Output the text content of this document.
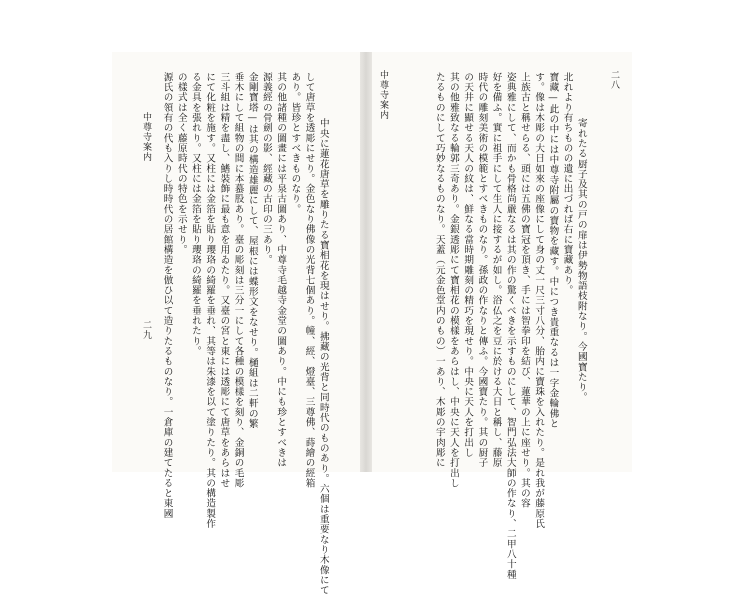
中尊寺案内	二八

寄れたる厨子及其の戸の扉は伊勢物語枝附なり。今國寶たり。
北れより有ちものの遺に出づれば右に寶藏あり。
寶藏—此の中には中尊寺附屬の寶物を藏す。中につき貴重なるは一字金輪佛と
す。像は木彫の大日如來の座像にして身の丈一尺三寸八分、胎内に寶珠を入れたり。是れ我が藤原氏
上族古と稱せらる、頭には五佛の寶冠を頂き、手には智拳印を結び、蓮華の上に座せり。其の容
姿典雅にして、而かも骨格尚嚴なるは其の作の驚くべきを示すものにして、智門弘法大師の作なり、二甲八十種
好を備ふ。實に祖手にして生人に接するが如し。浴仏之を豆に於ける大日と稱し、藤原
時代の雕刻美術の模範とすべきものなり。孫政の作なりと傳ふ。今國寶たり。其の厨子
の天井に顯せる天人の紋は、鮮なる當時期雕刻の精巧を現せり。中央に天人を打出し
其の他雅致なる輪郭三奇あり。金銀透彫にて寶相花の模樣をあらはし、中央に天人を打出し
たるものにして巧妙なるものなり。天蓋（元金色堂内のもの）一あり、木彫の宇肉彫に

中尊寺案内
二九	中央に蓮花唐草を雕りたる寶相花を現はせり。拂藏の光背と同時代のものあり。六個は重要なり木像にて
して唐草を透彫にせり。金色なり佛像の光背七個あり。幢、經、燈臺、三尊佛、蒔繪の經箱
あり。皆珍とすべきものなり。
其の他諸種の圖畫には平泉古圖あり、中尊寺毛越寺金堂の圖あり。中にも珍とすべきは
源義經の骨劍の影、經藏の古印の三あり。
金剛寶塔—は其の構造雄麗にして、屋根には蝶形文をなせり。樋組は二軒の繁
垂木にして組物の間に本蟇股あり。臺の彫刻は三分一にして各種の模樣を刻り、金銅の毛彫
三斗組は精を盡し、鰭裝飾に最も意を用ゐたり。又臺の宮と東には透彫にて唐草をあらはせ
にて化粧を施す。又柱には金箔を貼り瓔珞の綺羅を垂れ、其等は朱漆を以て塗りたり。其の構造製作
る金具を張れり。又柱には金箔を貼り瓔珞の綺羅を垂れたり。
の樣式は全く藤原時代の特色を示せり。
源氏の領有の代も入りし時時代の居館構造を倣ひ以て造りたるものなり。一倉庫の建てたると東國
